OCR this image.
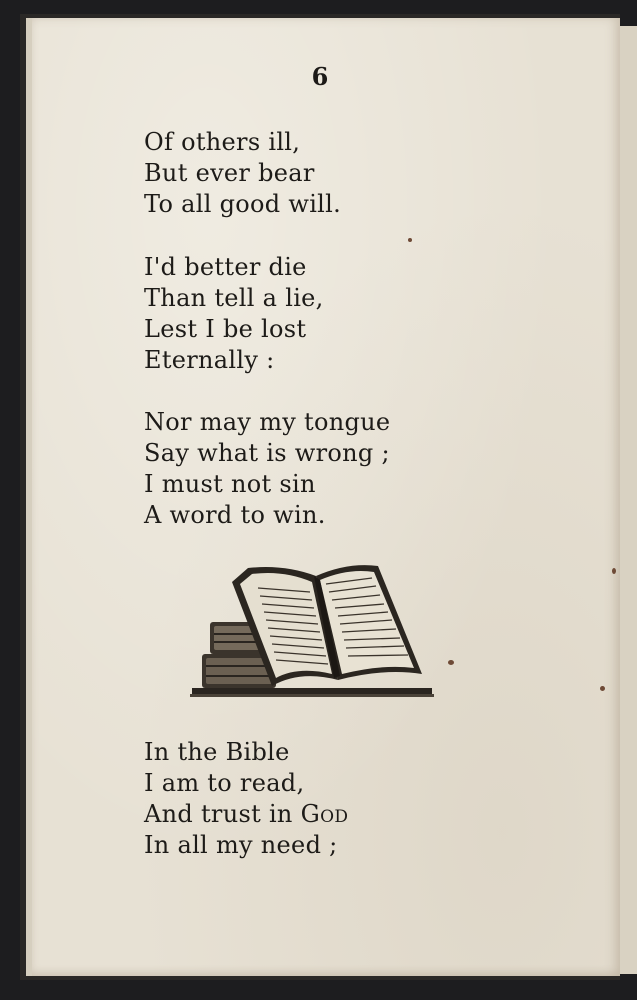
6
Of others ill,
But ever bear
To all good will.
I'd better die
Than tell a lie,
Lest I be lost
Eternally :
Nor may my tongue
Say what is wrong ;
I must not sin
A word to win.
In the Bible
I am to read,
And trust in God
In all my need ;
